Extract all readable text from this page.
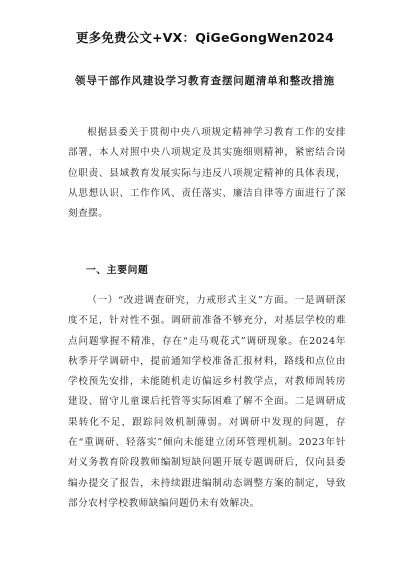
更多免费公文+VX：QiGeGongWen2024
领导干部作风建设学习教育查摆问题清单和整改措施
根据县委关于贯彻中央八项规定精神学习教育工作的安排部署，本人对照中央八项规定及其实施细则精神，紧密结合岗位职责、县域教育发展实际与违反八项规定精神的具体表现，从思想认识、工作作风、责任落实、廉洁自律等方面进行了深刻查摆。
一、主要问题
（一）“改进调查研究，力戒形式主义”方面。一是调研深度不足，针对性不强。调研前准备不够充分，对基层学校的难点问题掌握不精准，存在“走马观花式”调研现象。在2024年秋季开学调研中，提前通知学校准备汇报材料，路线和点位由学校预先安排，未能随机走访偏远乡村教学点，对教师周转房建设、留守儿童课后托管等实际困难了解不全面。二是调研成果转化不足，跟踪问效机制薄弱。对调研中发现的问题，存在“重调研、轻落实”倾向未能建立闭环管理机制。2023年针对义务教育阶段教师编制短缺问题开展专题调研后，仅向县委编办提交了报告，未持续跟进编制动态调整方案的制定，导致部分农村学校教师缺编问题仍未有效解决。
